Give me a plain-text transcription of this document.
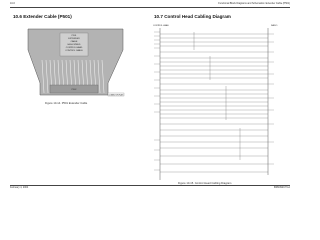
10-6	Functional Block Diagrams and Schematics: Extender Cable (P501)

10.6 Extender Cable (P501)	10.7 Control Head Cabling Diagram

P501
EXTENDER
CABLE
HIGH SPEED
CONTROL HEAD
CONTROL CABLE
P502
CONNECTOR PLATE

Figure 10-14. P501 Extender Cable

CONTROL HEAD	RADIO

Figure 10-15. Control Head Cabling Diagram

February 4, 2004	6881092C73-A
